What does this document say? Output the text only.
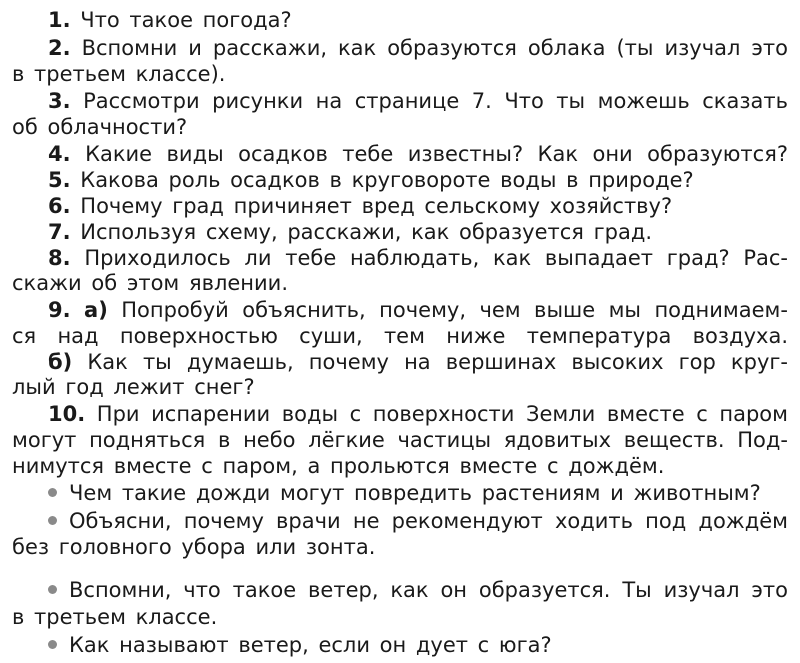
1. Что такое погода?
2. Вспомни и расскажи, как образуются облака (ты изучал это
в третьем классе).
3. Рассмотри рисунки на странице 7. Что ты можешь сказать
об облачности?
4. Какие виды осадков тебе известны? Как они образуются?
5. Какова роль осадков в круговороте воды в природе?
6. Почему град причиняет вред сельскому хозяйству?
7. Используя схему, расскажи, как образуется град.
8. Приходилось ли тебе наблюдать, как выпадает град? Рас-
скажи об этом явлении.
9. а) Попробуй объяснить, почему, чем выше мы поднимаем-
ся над поверхностью суши, тем ниже температура воздуха.
б) Как ты думаешь, почему на вершинах высоких гор круг-
лый год лежит снег?
10. При испарении воды с поверхности Земли вместе с паром
могут подняться в небо лёгкие частицы ядовитых веществ. Под-
нимутся вместе с паром, а прольются вместе с дождём.
Чем такие дожди могут повредить растениям и животным?
Объясни, почему врачи не рекомендуют ходить под дождём
без головного убора или зонта.
Вспомни, что такое ветер, как он образуется. Ты изучал это
в третьем классе.
Как называют ветер, если он дует с юга?
